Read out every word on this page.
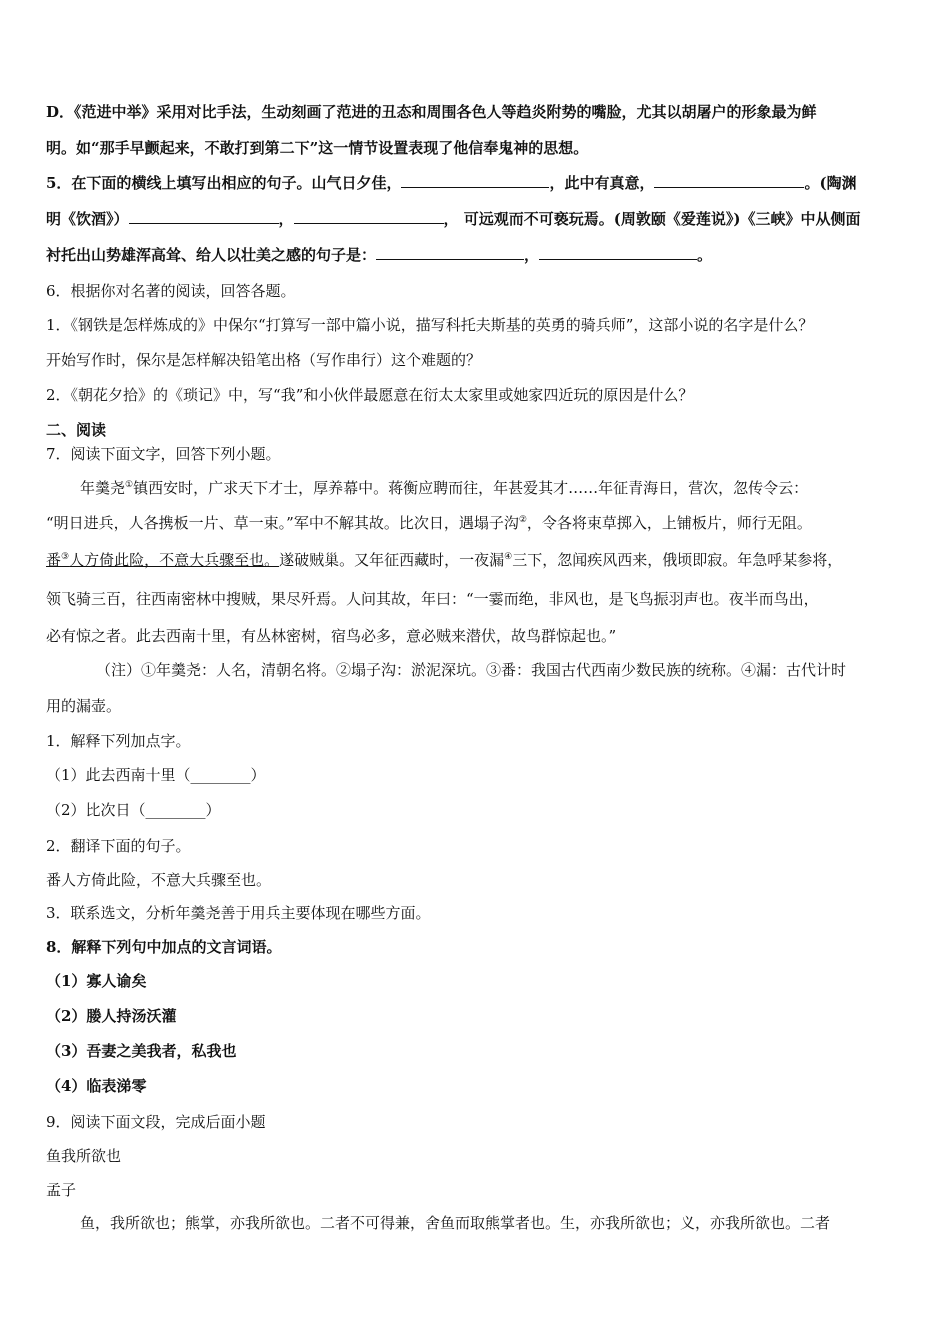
D．《范进中举》采用对比手法，生动刻画了范进的丑态和周围各色人等趋炎附势的嘴脸，尤其以胡屠户的形象最为鲜
明。如“那手早颤起来，不敢打到第二下”这一情节设置表现了他信奉鬼神的思想。
5．在下面的横线上填写出相应的句子。山气日夕佳，	，此中有真意，	。(陶渊
明《饮酒》）	，	， 可远观而不可亵玩焉。(周敦颐《爱莲说》)《三峡》中从侧面
衬托出山势雄浑高耸、给人以壮美之感的句子是：	，	。
6．根据你对名著的阅读，回答各题。
1．《钢铁是怎样炼成的》中保尔“打算写一部中篇小说，描写科托夫斯基的英勇的骑兵师”，这部小说的名字是什么？
开始写作时，保尔是怎样解决铅笔出格（写作串行）这个难题的？
2．《朝花夕拾》的《琐记》中，写“我”和小伙伴最愿意在衍太太家里或她家四近玩的原因是什么？
二、阅读
7．阅读下面文字，回答下列小题。
年羹尧①镇西安时，广求天下才士，厚养幕中。蒋衡应聘而往，年甚爱其才……年征青海日，营次，忽传令云：
“明日进兵，人各携板一片、草一束。”军中不解其故。比次日，遇塌子沟②，令各将束草掷入，上铺板片，师行无阻。
番③人方倚此险，不意大兵骤至也。遂破贼巢。又年征西藏时，一夜漏④三下，忽闻疾风西来，俄顷即寂。年急呼某参将，
领飞骑三百，往西南密林中搜贼，果尽歼焉。人问其故，年曰：“一霎而绝，非风也，是飞鸟振羽声也。夜半而鸟出，
必有惊之者。此去西南十里，有丛林密树，宿鸟必多，意必贼来潜伏，故鸟群惊起也。”
（注）①年羹尧：人名，清朝名将。②塌子沟：淤泥深坑。③番：我国古代西南少数民族的统称。④漏：古代计时
用的漏壶。
1．解释下列加点字。
（1）此去西南十里（________）
（2）比次日（________）
2．翻译下面的句子。
番人方倚此险，不意大兵骤至也。
3．联系选文，分析年羹尧善于用兵主要体现在哪些方面。
8．解释下列句中加点的文言词语。
（1）寡人谕矣
（2）媵人持汤沃灌
（3）吾妻之美我者，私我也
（4）临表涕零
9．阅读下面文段，完成后面小题
鱼我所欲也
孟子
鱼，我所欲也；熊掌，亦我所欲也。二者不可得兼，舍鱼而取熊掌者也。生，亦我所欲也；义，亦我所欲也。二者
